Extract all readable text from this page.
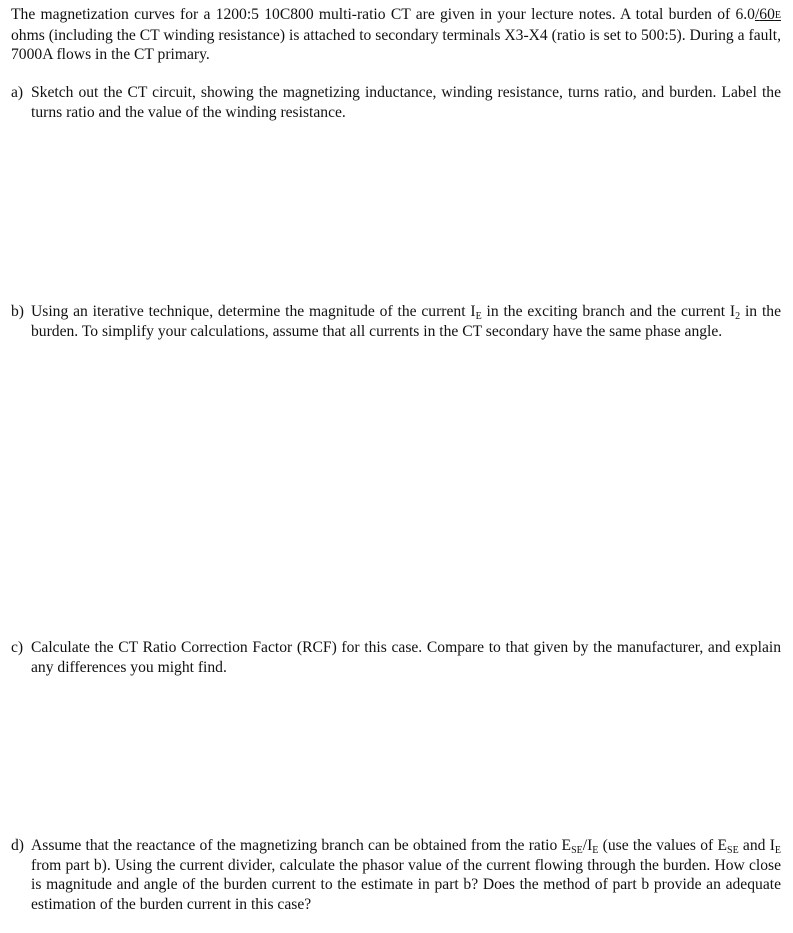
The magnetization curves for a 1200:5 10C800 multi-ratio CT are given in your lecture notes. A total burden of 6.0/60E ohms (including the CT winding resistance) is attached to secondary terminals X3-X4 (ratio is set to 500:5). During a fault, 7000A flows in the CT primary.

a) Sketch out the CT circuit, showing the magnetizing inductance, winding resistance, turns ratio, and burden. Label the turns ratio and the value of the winding resistance.

b) Using an iterative technique, determine the magnitude of the current $I_E$ in the exciting branch and the current $I_2$ in the burden. To simplify your calculations, assume that all currents in the CT secondary have the same phase angle.

c) Calculate the CT Ratio Correction Factor (RCF) for this case. Compare to that given by the manufacturer, and explain any differences you might find.

d) Assume that the reactance of the magnetizing branch can be obtained from the ratio $E_{SE}/I_E$ (use the values of $E_{SE}$ and $I_E$ from part b). Using the current divider, calculate the phasor value of the current flowing through the burden. How close is magnitude and angle of the burden current to the estimate in part b? Does the method of part b provide an adequate estimation of the burden current in this case?
